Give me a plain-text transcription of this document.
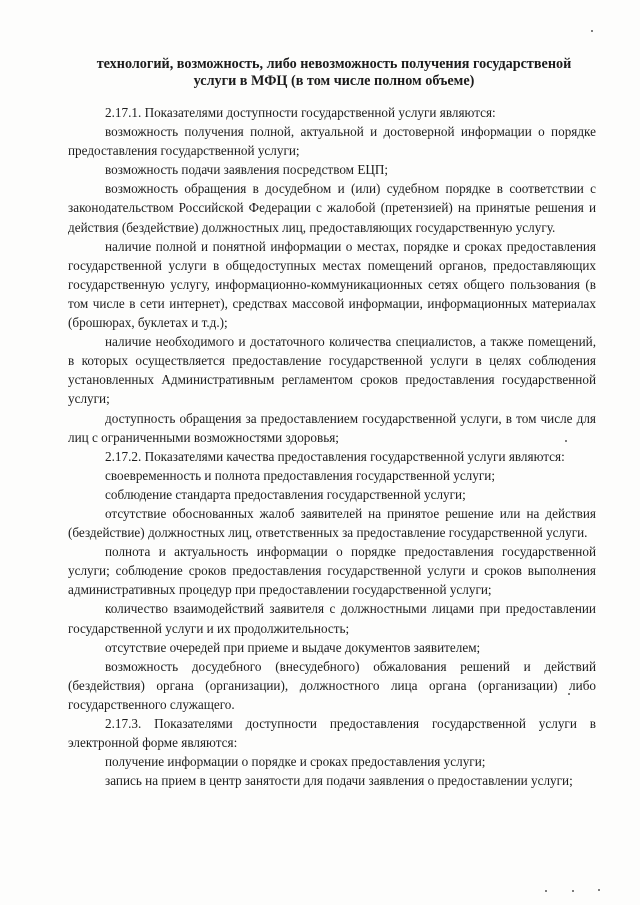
технологий, возможность, либо невозможность получения государственой
услуги в МФЦ (в том числе полном объеме)

2.17.1. Показателями доступности государственной услуги являются:

возможность получения полной, актуальной и достоверной информации о порядке предоставления государственной услуги;

возможность подачи заявления посредством ЕЦП;

возможность обращения в досудебном и (или) судебном порядке в соответствии с законодательством Российской Федерации с жалобой (претензией) на принятые решения и действия (бездействие) должностных лиц, предоставляющих государственную услугу.

наличие полной и понятной информации о местах, порядке и сроках предоставления государственной услуги в общедоступных местах помещений органов, предоставляющих государственную услугу, информационно-коммуникационных сетях общего пользования (в том числе в сети интернет), средствах массовой информации, информационных материалах (брошюрах, буклетах и т.д.);

наличие необходимого и достаточного количества специалистов, а также помещений, в которых осуществляется предоставление государственной услуги в целях соблюдения установленных Административным регламентом сроков предоставления государственной услуги;

доступность обращения за предоставлением государственной услуги, в том числе для лиц с ограниченными возможностями здоровья;

2.17.2. Показателями качества предоставления государственной услуги являются:

своевременность и полнота предоставления государственной услуги;

соблюдение стандарта предоставления государственной услуги;

отсутствие обоснованных жалоб заявителей на принятое решение или на действия (бездействие) должностных лиц, ответственных за предоставление государственной услуги.

полнота и актуальность информации о порядке предоставления государственной услуги; соблюдение сроков предоставления государственной услуги и сроков выполнения административных процедур при предоставлении государственной услуги;

количество взаимодействий заявителя с должностными лицами при предоставлении государственной услуги и их продолжительность;

отсутствие очередей при приеме и выдаче документов заявителем;

возможность досудебного (внесудебного) обжалования решений и действий (бездействия) органа (организации), должностного лица органа (организации) либо государственного служащего.

2.17.3. Показателями доступности предоставления государственной услуги в электронной форме являются:

получение информации о порядке и сроках предоставления услуги;

запись на прием в центр занятости для подачи заявления о предоставлении услуги;
